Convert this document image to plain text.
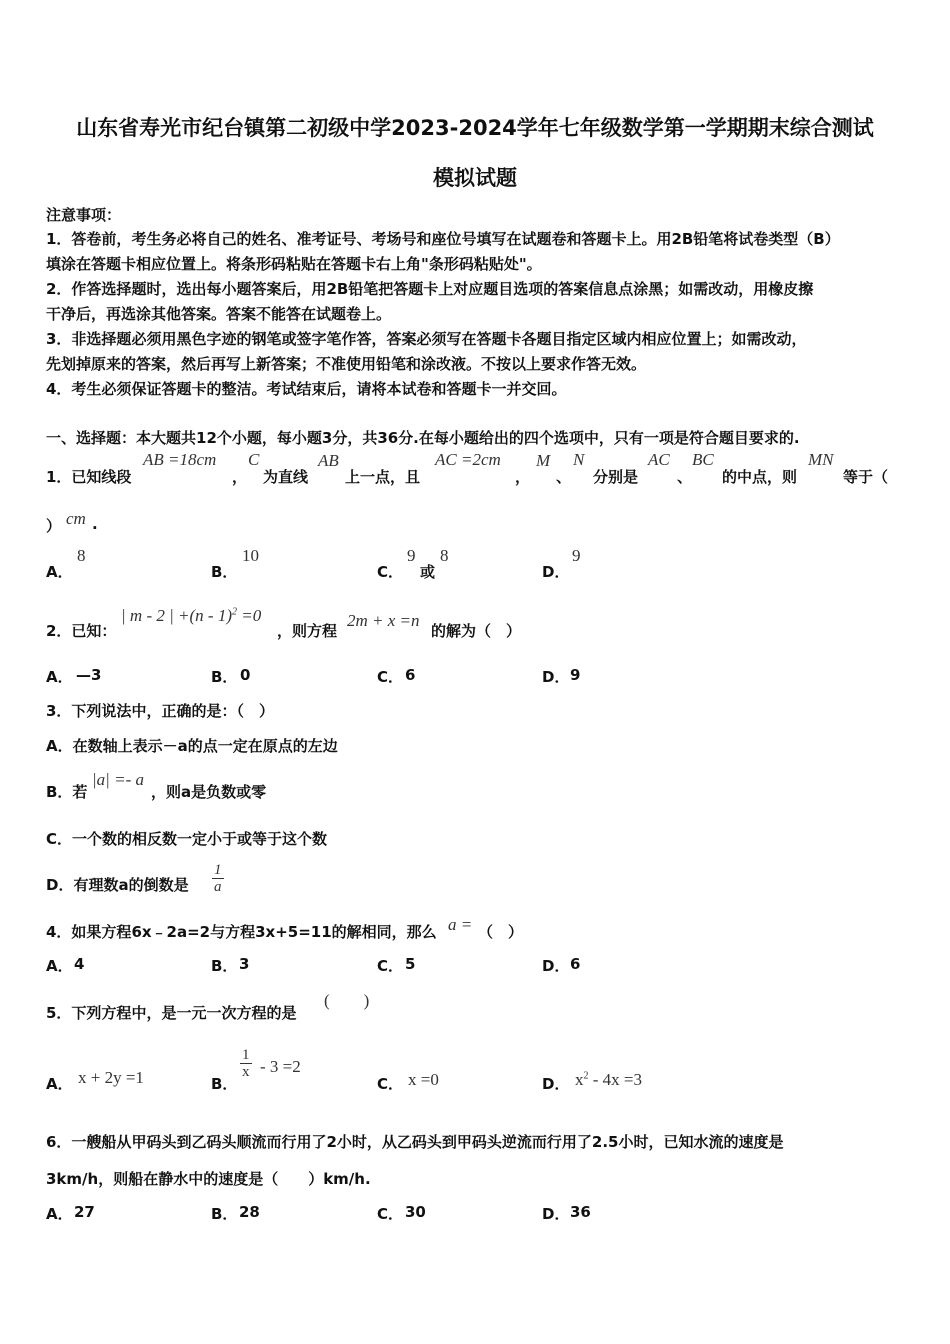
山东省寿光市纪台镇第二初级中学2023-2024学年七年级数学第一学期期末综合测试
模拟试题
注意事项：
1．答卷前，考生务必将自己的姓名、准考证号、考场号和座位号填写在试题卷和答题卡上。用2B铅笔将试卷类型（B）
填涂在答题卡相应位置上。将条形码粘贴在答题卡右上角"条形码粘贴处"。
2．作答选择题时，选出每小题答案后，用2B铅笔把答题卡上对应题目选项的答案信息点涂黑；如需改动，用橡皮擦
干净后，再选涂其他答案。答案不能答在试题卷上。
3．非选择题必须用黑色字迹的钢笔或签字笔作答，答案必须写在答题卡各题目指定区域内相应位置上；如需改动，
先划掉原来的答案，然后再写上新答案；不准使用铅笔和涂改液。不按以上要求作答无效。
4．考生必须保证答题卡的整洁。考试结束后，请将本试卷和答题卡一并交回。
一、选择题：本大题共12个小题，每小题3分，共36分.在每小题给出的四个选项中，只有一项是符合题目要求的.
1．已知线段
AB =18cm
，
C
为直线
AB
上一点，且
AC =2cm
，
M
、
N
分别是
AC
、
BC
的中点，则
MN
等于（
） cm .
A．
8
B．
10
C．
9
或
8
D．
9
2．已知：
| m - 2 | +(n - 1)$^2$ =0
，则方程
2m + x =n
的解为（　）
A． —3	B． 0	C． 6	D． 9
3．下列说法中，正确的是：（　）
A．在数轴上表示－a的点一定在原点的左边
B．若
|a| =- a
，则a是负数或零
C．一个数的相反数一定小于或等于这个数
D．有理数a的倒数是 $\frac{1}{a}$
4．如果方程6x﹣2a=2与方程3x+5=11的解相同，那么 a = （　）
A． 4	B． 3	C． 5	D． 6
5．下列方程中，是一元一次方程的是
(　　)
A． x + 2y =1	B．
$\frac{1}{x} - 3 =2$
C． x =0	D． $x^2 - 4x =3$
6．一艘船从甲码头到乙码头顺流而行用了2小时，从乙码头到甲码头逆流而行用了2.5小时，已知水流的速度是
3km/h，则船在静水中的速度是（　　）km/h.
A． 27	B． 28	C． 30	D． 36
